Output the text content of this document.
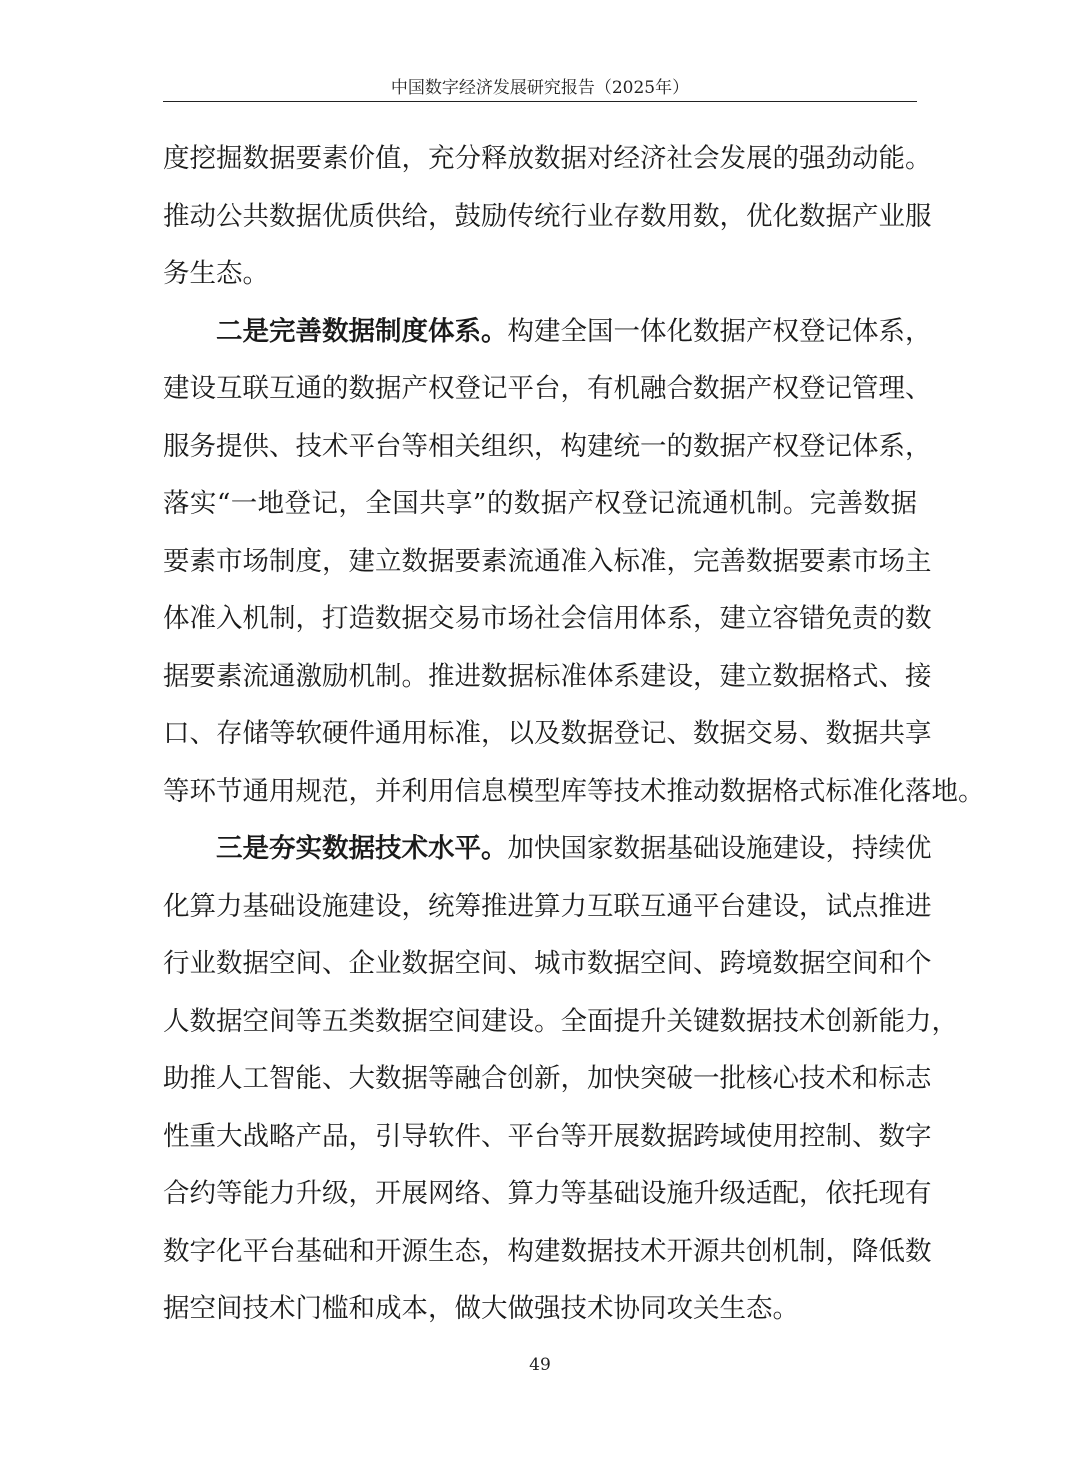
中国数字经济发展研究报告（2025年）
度挖掘数据要素价值，充分释放数据对经济社会发展的强劲动能。
推动公共数据优质供给，鼓励传统行业存数用数，优化数据产业服
务生态。
二是完善数据制度体系。 构建全国一体化数据产权登记体系，
建设互联互通的数据产权登记平台，有机融合数据产权登记管理、
服务提供、技术平台等相关组织，构建统一的数据产权登记体系，
落实“一地登记，全国共享”的数据产权登记流通机制。完善数据
要素市场制度，建立数据要素流通准入标准，完善数据要素市场主
体准入机制，打造数据交易市场社会信用体系，建立容错免责的数
据要素流通激励机制。推进数据标准体系建设，建立数据格式、接
口、存储等软硬件通用标准，以及数据登记、数据交易、数据共享
等环节通用规范，并利用信息模型库等技术推动数据格式标准化落地。
三是夯实数据技术水平。 加快国家数据基础设施建设，持续优
化算力基础设施建设，统筹推进算力互联互通平台建设，试点推进
行业数据空间、企业数据空间、城市数据空间、跨境数据空间和个
人数据空间等五类数据空间建设。全面提升关键数据技术创新能力，
助推人工智能、大数据等融合创新，加快突破一批核心技术和标志
性重大战略产品，引导软件、平台等开展数据跨域使用控制、数字
合约等能力升级，开展网络、算力等基础设施升级适配，依托现有
数字化平台基础和开源生态，构建数据技术开源共创机制，降低数
据空间技术门槛和成本，做大做强技术协同攻关生态。
49
